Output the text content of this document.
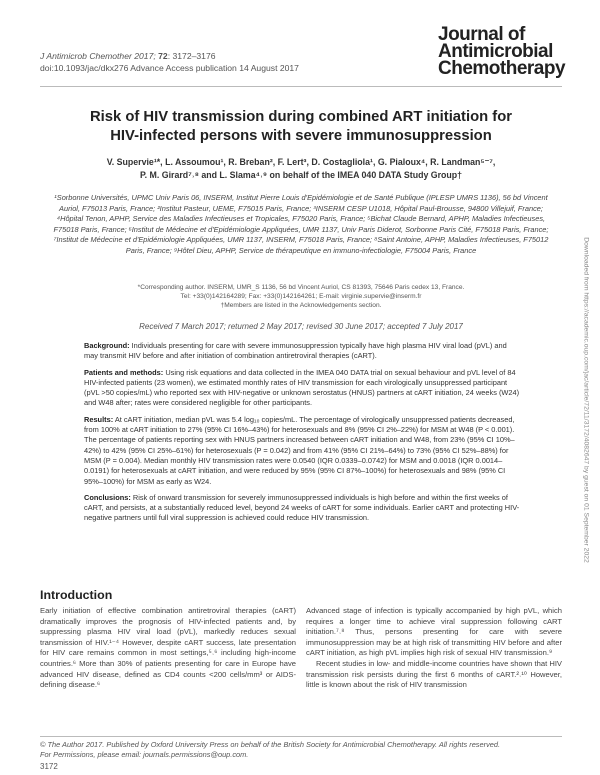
J Antimicrob Chemother 2017; 72: 3172–3176
doi:10.1093/jac/dkx276 Advance Access publication 14 August 2017
Journal of
Antimicrobial
Chemotherapy
Risk of HIV transmission during combined ART initiation for
HIV-infected persons with severe immunosuppression
V. Supervie¹*, L. Assoumou¹, R. Breban², F. Lert³, D. Costagliola¹, G. Pialoux⁴, R. Landman⁵⁻⁷,
P. M. Girard⁷˒⁸ and L. Slama⁴˒⁹ on behalf of the IMEA 040 DATA Study Group†
¹Sorbonne Universités, UPMC Univ Paris 06, INSERM, Institut Pierre Louis d'Epidémiologie et de Santé Publique (IPLESP UMRS 1136), 56 bd Vincent Auriol, F75013 Paris, France; ²Institut Pasteur, UEME, F75015 Paris, France; ³INSERM CESP U1018, Hôpital Paul-Brousse, 94800 Villejuif, France; ⁴Hôpital Tenon, APHP, Service des Maladies Infectieuses et Tropicales, F75020 Paris, France; ⁵Bichat Claude Bernard, APHP, Maladies Infectieuses, F75018 Paris, France; ⁶Institut de Médecine et d'Epidémiologie Appliquées, UMR 1137, Univ Paris Diderot, Sorbonne Paris Cité, F75018 Paris, France; ⁷Institut de Médecine et d'Epidémiologie Appliquées, UMR 1137, INSERM, F75018 Paris, France; ⁸Saint Antoine, APHP, Maladies Infectieuses, F75012 Paris, France; ⁹Hôtel Dieu, APHP, Service de thérapeutique en immuno-infectiologie, F75004 Paris, France
*Corresponding author. INSERM, UMR_S 1136, 56 bd Vincent Auriol, CS 81393, 75646 Paris cedex 13, France.
Tel: +33(0)142164289; Fax: +33(0)142164261; E-mail: virginie.supervie@inserm.fr
†Members are listed in the Acknowledgements section.
Received 7 March 2017; returned 2 May 2017; revised 30 June 2017; accepted 7 July 2017

Background: Individuals presenting for care with severe immunosuppression typically have high plasma HIV viral load (pVL) and may transmit HIV before and after initiation of combination antiretroviral therapies (cART).

Patients and methods: Using risk equations and data collected in the IMEA 040 DATA trial on sexual behaviour and pVL level of 84 HIV-infected patients (23 women), we estimated monthly rates of HIV transmission for each virologically unsuppressed participant (pVL >50 copies/mL) who reported sex with HIV-negative or unknown serostatus (HNUS) partners at cART initiation, 24 weeks (W24) and W48 after; rates were considered negligible for other participants.

Results: At cART initiation, median pVL was 5.4 log₁₀ copies/mL. The percentage of virologically unsuppressed patients decreased, from 100% at cART initiation to 27% (95% CI 16%–43%) for heterosexuals and 8% (95% CI 2%–22%) for MSM at W48 (P < 0.001). The percentage of patients reporting sex with HNUS partners increased between cART initiation and W48, from 23% (95% CI 10%–42%) to 42% (95% CI 25%–61%) for heterosexuals (P = 0.042) and from 41% (95% CI 21%–64%) to 73% (95% CI 52%–88%) for MSM (P = 0.004). Median monthly HIV transmission rates were 0.0540 (IQR 0.0339–0.0742) for MSM and 0.0018 (IQR 0.0014–0.0191) for heterosexuals at cART initiation, and were reduced by 95% (95% CI 87%–100%) for heterosexuals and 98% (95% CI 95%–100%) for MSM as early as W24.

Conclusions: Risk of onward transmission for severely immunosuppressed individuals is high before and within the first weeks of cART, and persists, at a substantially reduced level, beyond 24 weeks of cART for some individuals. Earlier cART and protecting HIV-negative partners until full viral suppression is achieved could reduce HIV transmission.

Introduction

Early initiation of effective combination antiretroviral therapies (cART) dramatically improves the prognosis of HIV-infected patients and, by suppressing plasma HIV viral load (pVL), markedly reduces sexual transmission of HIV.¹⁻⁴ However, despite cART success, late presentation for HIV care remains common in most settings,⁵˒⁶ including high-income countries.⁶ More than 30% of patients presenting for care in Europe have advanced HIV disease, defined as CD4 counts <200 cells/mm³ or AIDS-defining disease.⁶

Advanced stage of infection is typically accompanied by high pVL, which requires a longer time to achieve viral suppression following cART initiation.⁷˒⁸ Thus, persons presenting for care with severe immunosuppression may be at high risk of transmitting HIV before and after cART initiation, as high pVL implies high risk of sexual HIV transmission.⁹

Recent studies in low- and middle-income countries have shown that HIV transmission risk persists during the first 6 months of cART.²˒¹⁰ However, little is known about the risk of HIV transmission

© The Author 2017. Published by Oxford University Press on behalf of the British Society for Antimicrobial Chemotherapy. All rights reserved.
For Permissions, please email: journals.permissions@oup.com.
3172
Downloaded from https://academic.oup.com/jac/article/72/11/3172/4082647 by guest on 01 September 2022
